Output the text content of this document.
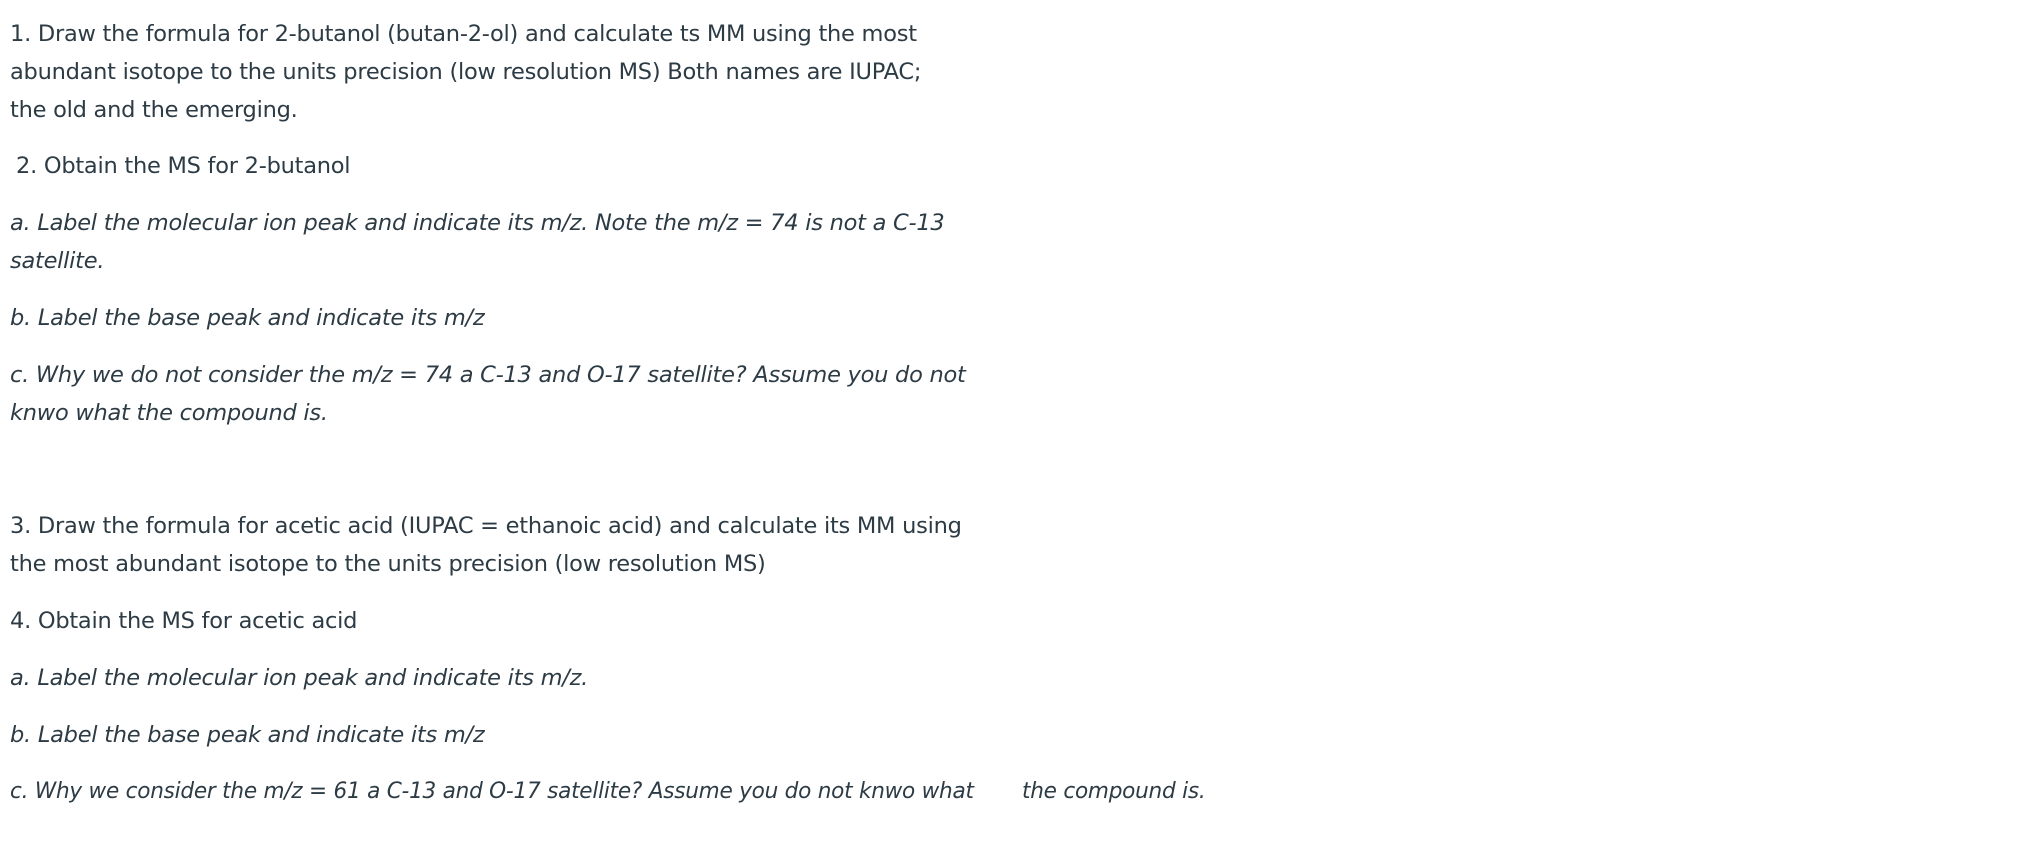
1. Draw the formula for 2-butanol (butan-2-ol) and calculate ts MM using the most
abundant isotope to the units precision (low resolution MS) Both names are IUPAC;
the old and the emerging.

2. Obtain the MS for 2-butanol

a. Label the molecular ion peak and indicate its m/z. Note the m/z = 74 is not a C-13
satellite.

b. Label the base peak and indicate its m/z

c. Why we do not consider the m/z = 74 a C-13 and O-17 satellite? Assume you do not
knwo what the compound is.

3. Draw the formula for acetic acid (IUPAC = ethanoic acid) and calculate its MM using
the most abundant isotope to the units precision (low resolution MS)

4. Obtain the MS for acetic acid

a. Label the molecular ion peak and indicate its m/z.

b. Label the base peak and indicate its m/z

c. Why we consider the m/z = 61 a C-13 and O-17 satellite? Assume you do not knwo what the compound is.
